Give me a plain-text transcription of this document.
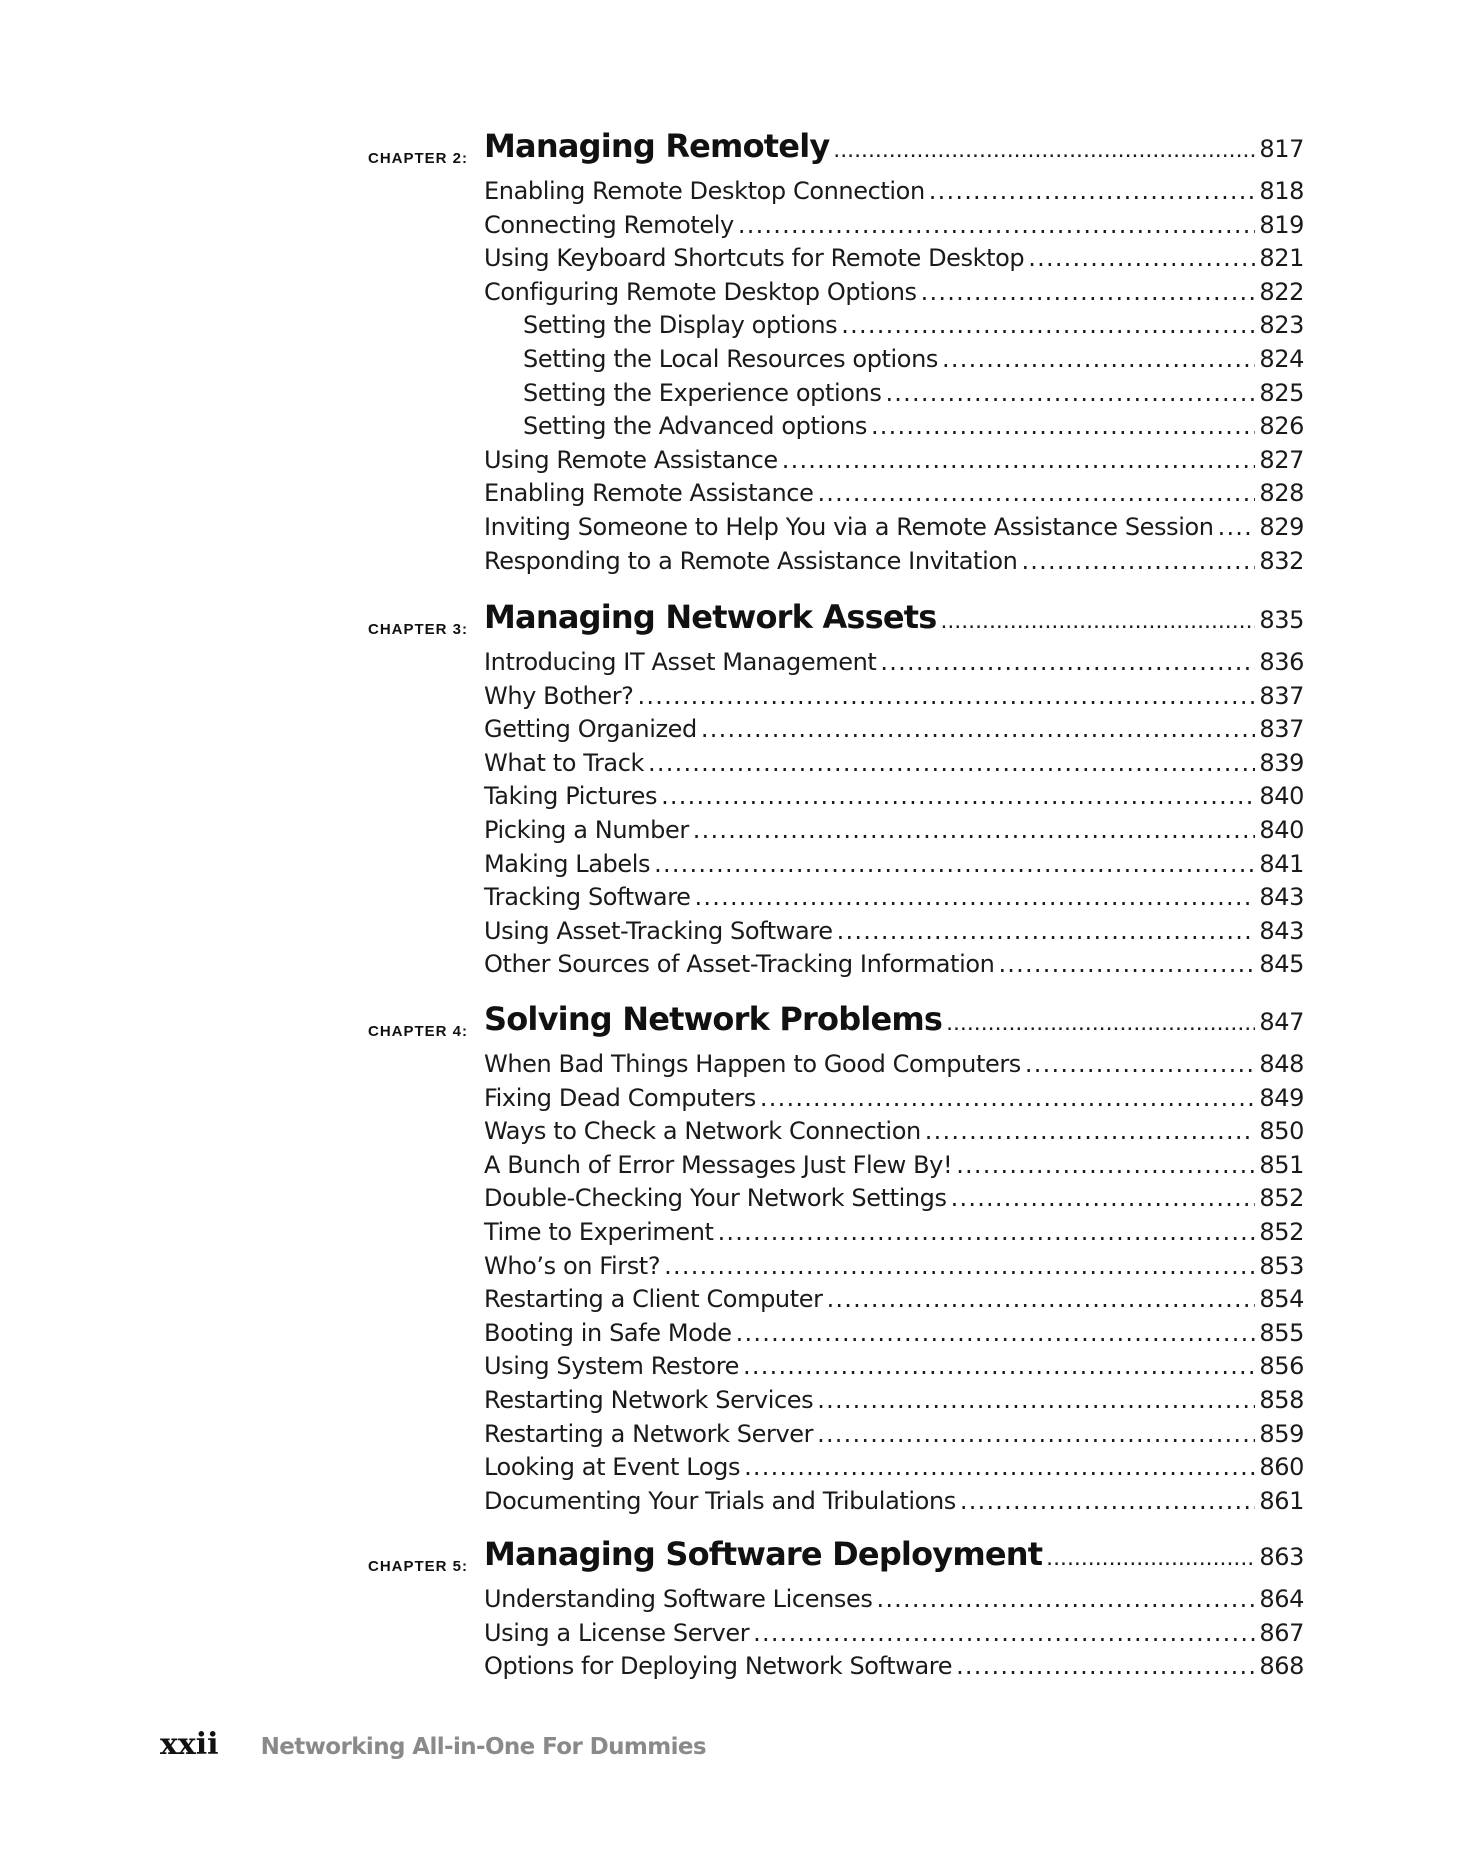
CHAPTER 2: Managing Remotely . . .	817
Enabling Remote Desktop Connection . . .	818
Connecting Remotely . . .	819
Using Keyboard Shortcuts for Remote Desktop . . .	821
Configuring Remote Desktop Options . . .	822
Setting the Display options . . .	823
Setting the Local Resources options . . .	824
Setting the Experience options . . .	825
Setting the Advanced options . . .	826
Using Remote Assistance . . .	827
Enabling Remote Assistance . . .	828
Inviting Someone to Help You via a Remote Assistance Session . . . 829
Responding to a Remote Assistance Invitation . . .	832
CHAPTER 3: Managing Network Assets . . .	835
Introducing IT Asset Management . . .	836
Why Bother? . . .	837
Getting Organized . . .	837
What to Track . . .	839
Taking Pictures . . .	840
Picking a Number . . .	840
Making Labels . . .	841
Tracking Software . . .	843
Using Asset-Tracking Software . . .	843
Other Sources of Asset-Tracking Information . . .	845
CHAPTER 4: Solving Network Problems . . .	847
When Bad Things Happen to Good Computers . . .	848
Fixing Dead Computers . . .	849
Ways to Check a Network Connection . . .	850
A Bunch of Error Messages Just Flew By! . . .	851
Double-Checking Your Network Settings . . .	852
Time to Experiment . . .	852
Who’s on First? . . .	853
Restarting a Client Computer . . .	854
Booting in Safe Mode . . .	855
Using System Restore . . .	856
Restarting Network Services . . .	858
Restarting a Network Server . . .	859
Looking at Event Logs . . .	860
Documenting Your Trials and Tribulations . . .	861
CHAPTER 5: Managing Software Deployment . . .	863
Understanding Software Licenses . . .	864
Using a License Server . . .	867
Options for Deploying Network Software . . .	868
xxii Networking All-in-One For Dummies
